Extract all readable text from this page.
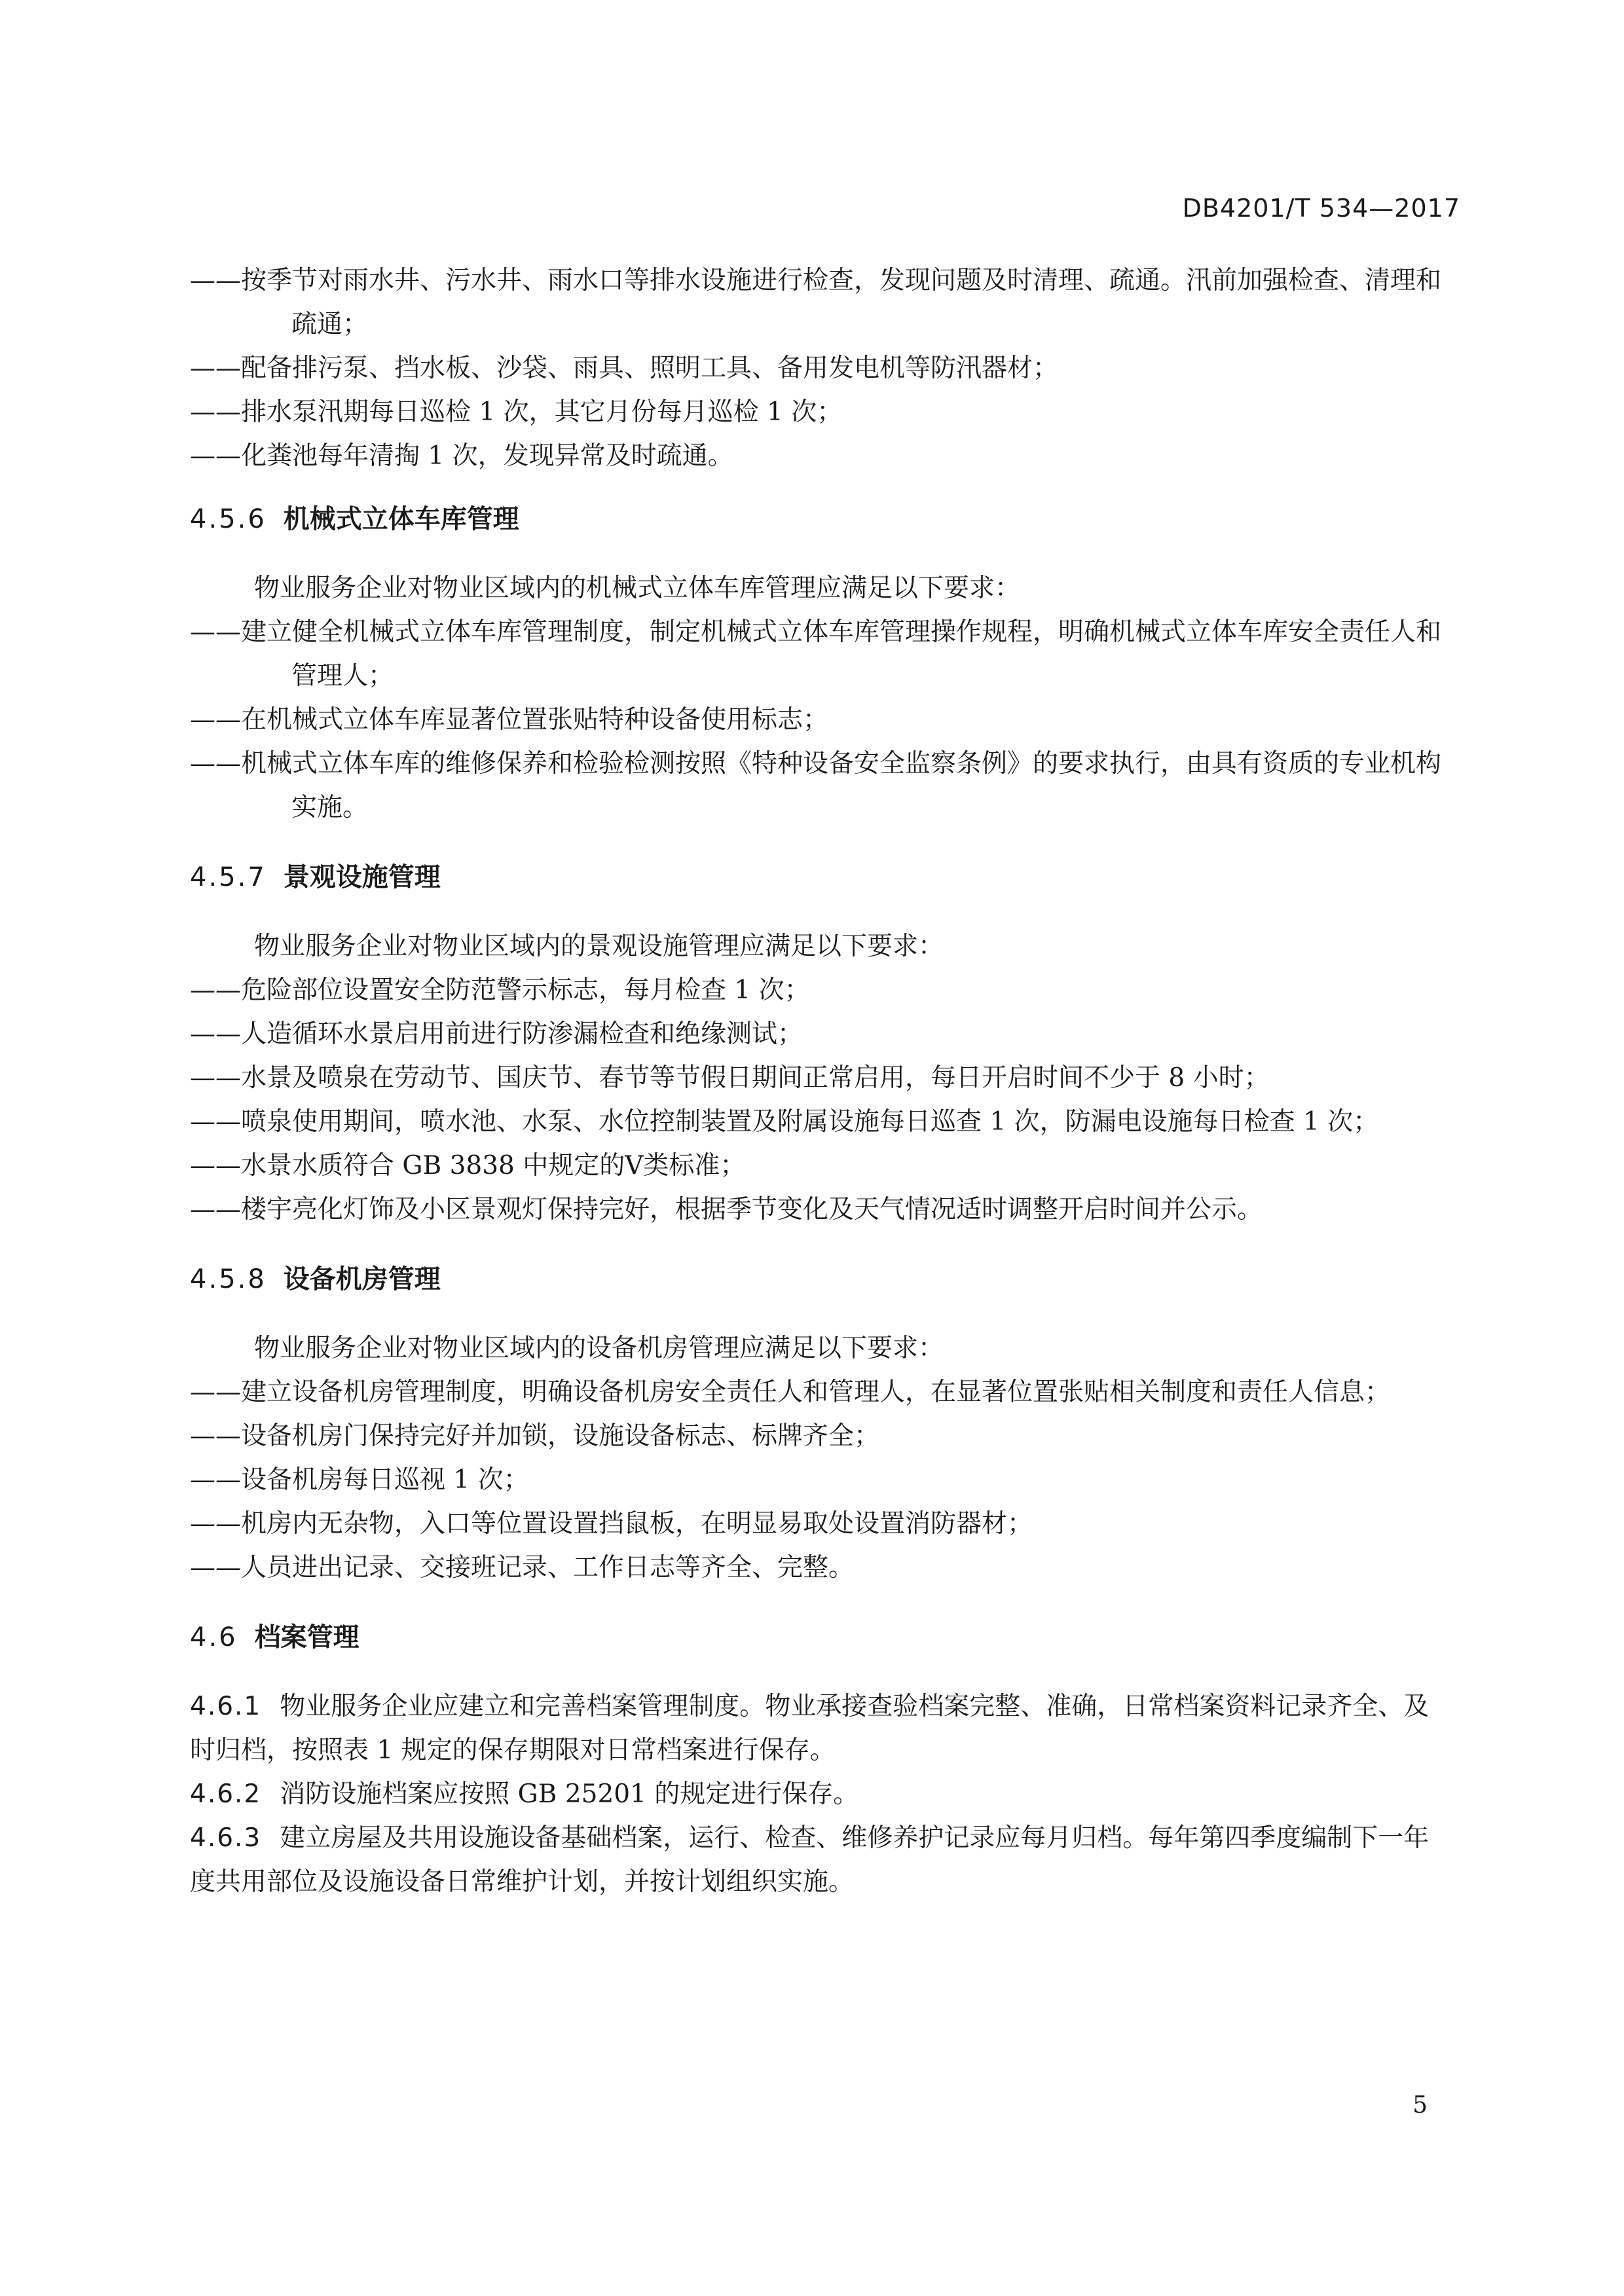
DB4201/T 534—2017
——按季节对雨水井、污水井、雨水口等排水设施进行检查，发现问题及时清理、疏通。汛前加强检查、清理和疏通；
——配备排污泵、挡水板、沙袋、雨具、照明工具、备用发电机等防汛器材；
——排水泵汛期每日巡检 1 次，其它月份每月巡检 1 次；
——化粪池每年清掏 1 次，发现异常及时疏通。
4.5.6 机械式立体车库管理
物业服务企业对物业区域内的机械式立体车库管理应满足以下要求：
——建立健全机械式立体车库管理制度，制定机械式立体车库管理操作规程，明确机械式立体车库安全责任人和管理人；
——在机械式立体车库显著位置张贴特种设备使用标志；
——机械式立体车库的维修保养和检验检测按照《特种设备安全监察条例》的要求执行，由具有资质的专业机构实施。
4.5.7 景观设施管理
物业服务企业对物业区域内的景观设施管理应满足以下要求：
——危险部位设置安全防范警示标志，每月检查 1 次；
——人造循环水景启用前进行防渗漏检查和绝缘测试；
——水景及喷泉在劳动节、国庆节、春节等节假日期间正常启用，每日开启时间不少于 8 小时；
——喷泉使用期间，喷水池、水泵、水位控制装置及附属设施每日巡查 1 次，防漏电设施每日检查 1 次；
——水景水质符合 GB 3838 中规定的Ⅴ类标准；
——楼宇亮化灯饰及小区景观灯保持完好，根据季节变化及天气情况适时调整开启时间并公示。
4.5.8 设备机房管理
物业服务企业对物业区域内的设备机房管理应满足以下要求：
——建立设备机房管理制度，明确设备机房安全责任人和管理人，在显著位置张贴相关制度和责任人信息；
——设备机房门保持完好并加锁，设施设备标志、标牌齐全；
——设备机房每日巡视 1 次；
——机房内无杂物，入口等位置设置挡鼠板，在明显易取处设置消防器材；
——人员进出记录、交接班记录、工作日志等齐全、完整。
4.6 档案管理
4.6.1 物业服务企业应建立和完善档案管理制度。物业承接查验档案完整、准确，日常档案资料记录齐全、及时归档，按照表 1 规定的保存期限对日常档案进行保存。
4.6.2 消防设施档案应按照 GB 25201 的规定进行保存。
4.6.3 建立房屋及共用设施设备基础档案，运行、检查、维修养护记录应每月归档。每年第四季度编制下一年度共用部位及设施设备日常维护计划，并按计划组织实施。
5
